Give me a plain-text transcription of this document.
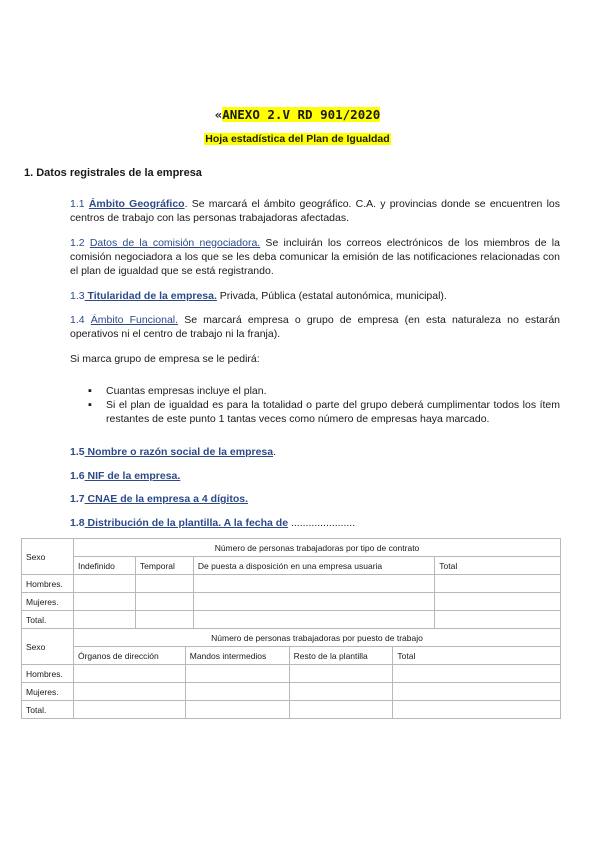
«ANEXO 2.V RD 901/2020
Hoja estadística del Plan de Igualdad
1. Datos registrales de la empresa
1.1 Ámbito Geográfico. Se marcará el ámbito geográfico. C.A. y provincias donde se encuentren los centros de trabajo con las personas trabajadoras afectadas.
1.2 Datos de la comisión negociadora. Se incluirán los correos electrónicos de los miembros de la comisión negociadora a los que se les deba comunicar la emisión de las notificaciones relacionadas con el plan de igualdad que se está registrando.
1.3 Titularidad de la empresa. Privada, Pública (estatal autonómica, municipal).
1.4 Ámbito Funcional. Se marcará empresa o grupo de empresa (en esta naturaleza no estarán operativos ni el centro de trabajo ni la franja).
Si marca grupo de empresa se le pedirá:
▪ Cuantas empresas incluye el plan.
▪ Si el plan de igualdad es para la totalidad o parte del grupo deberá cumplimentar todos los ítem restantes de este punto 1 tantas veces como número de empresas haya marcado.
1.5 Nombre o razón social de la empresa.
1.6 NIF de la empresa.
1.7 CNAE de la empresa a 4 dígitos.
1.8 Distribución de la plantilla. A la fecha de ......................
Sexo	Número de personas trabajadoras por tipo de contrato			
	Indefinido	Temporal	De puesta a disposición en una empresa usuaria	Total
Hombres.				
Mujeres.				
Total.				
Sexo	Número de personas trabajadoras por puesto de trabajo			
	Órganos de dirección	Mandos intermedios	Resto de la plantilla	Total
Hombres.				
Mujeres.				
Total.				
